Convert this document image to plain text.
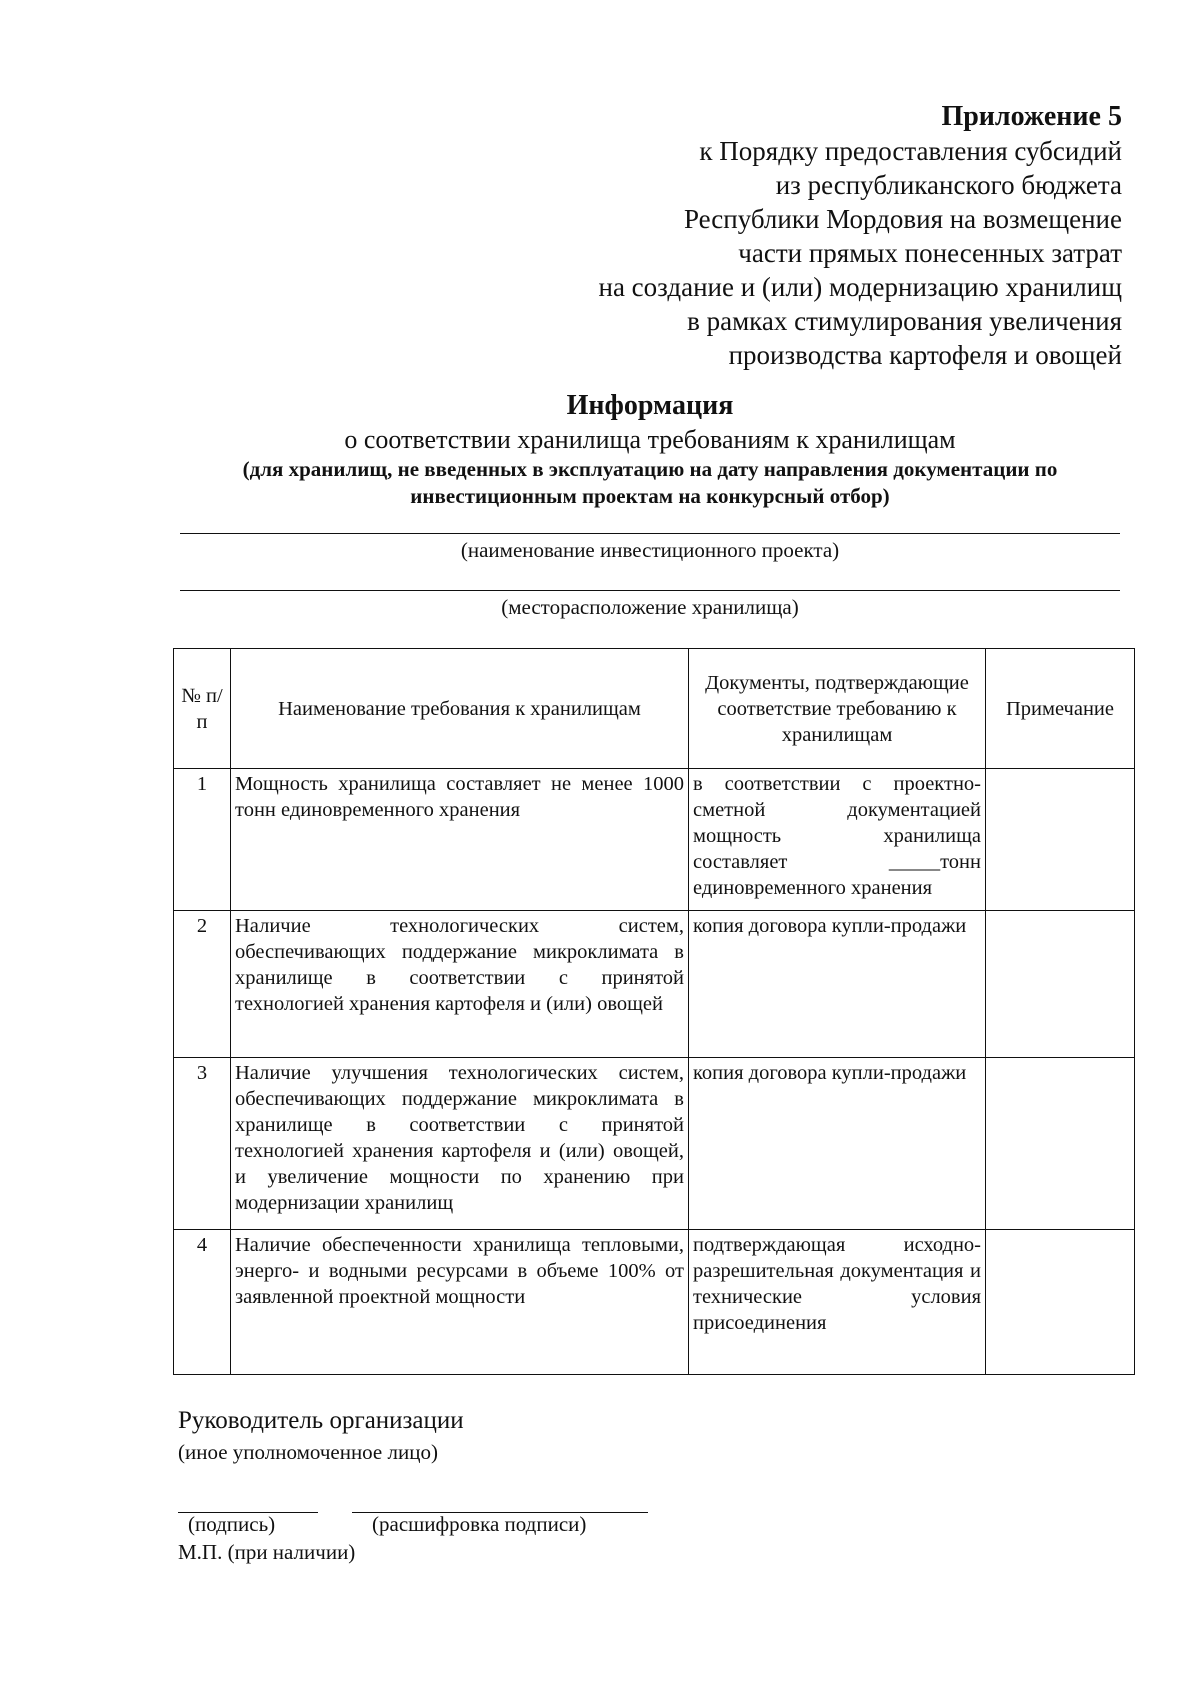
Приложение 5
к Порядку предоставления субсидий
из республиканского бюджета
Республики Мордовия на возмещение
части прямых понесенных затрат
на создание и (или) модернизацию хранилищ
в рамках стимулирования увеличения
производства картофеля и овощей
Информация
о соответствии хранилища требованиям к хранилищам
(для хранилищ, не введенных в эксплуатацию на дату направления документации по
инвестиционным проектам на конкурсный отбор)
(наименование инвестиционного проекта)
(месторасположение хранилища)
№ п/п	Наименование требования к хранилищам	Документы, подтверждающие соответствие требованию к хранилищам	Примечание
1	Мощность хранилища составляет не менее 1000 тонн единовременного хранения	в соответствии с проектно-сметной документацией мощность хранилища составляет _____тонн единовременного хранения	
2	Наличие технологических систем, обеспечивающих поддержание микроклимата в хранилище в соответствии с принятой технологией хранения картофеля и (или) овощей	копия договора купли-продажи	
3	Наличие улучшения технологических систем, обеспечивающих поддержание микроклимата в хранилище в соответствии с принятой технологией хранения картофеля и (или) овощей, и увеличение мощности по хранению при модернизации хранилищ	копия договора купли-продажи	
4	Наличие обеспеченности хранилища тепловыми, энерго- и водными ресурсами в объеме 100% от заявленной проектной мощности	подтверждающая исходно-разрешительная документация и технические условия присоединения	
Руководитель организации
(иное уполномоченное лицо)
(подпись)	(расшифровка подписи)
М.П. (при наличии)
